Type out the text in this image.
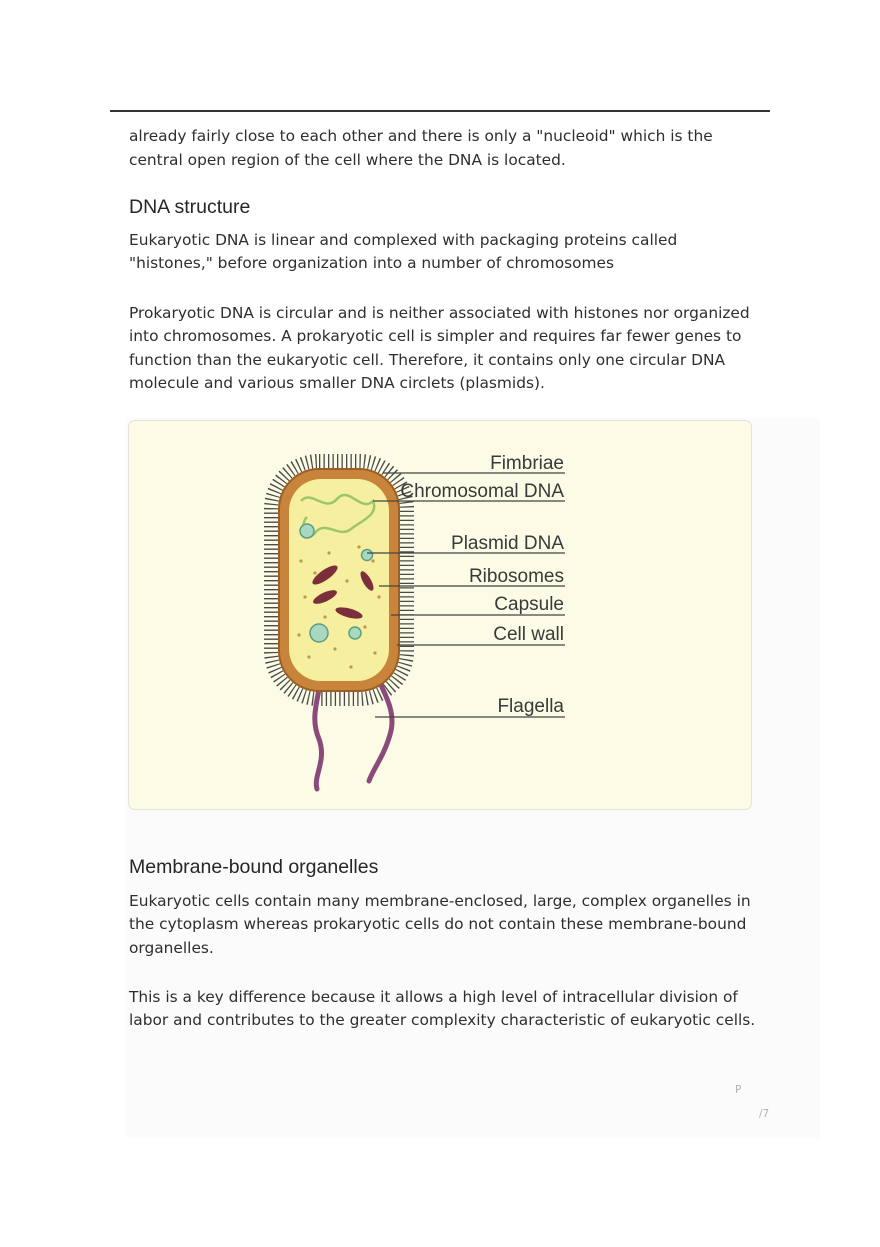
already fairly close to each other and there is only a "nucleoid" which is the

central open region of the cell where the DNA is located.

DNA structure

Eukaryotic DNA is linear and complexed with packaging proteins called "histones," before organization into a number of chromosomes

Prokaryotic DNA is circular and is neither associated with histones nor organized into chromosomes. A prokaryotic cell is simpler and requires far fewer genes to function than the eukaryotic cell. Therefore, it contains only one circular DNA molecule and various smaller DNA circlets (plasmids).

Fimbriae
Chromosomal DNA
Plasmid DNA
Ribosomes
Capsule
Cell wall
Flagella
Membrane-bound organelles

Eukaryotic cells contain many membrane-enclosed, large, complex organelles in the cytoplasm whereas prokaryotic cells do not contain these membrane-bound organelles.

This is a key difference because it allows a high level of intracellular division of labor and contributes to the greater complexity characteristic of eukaryotic cells.

P
/7
